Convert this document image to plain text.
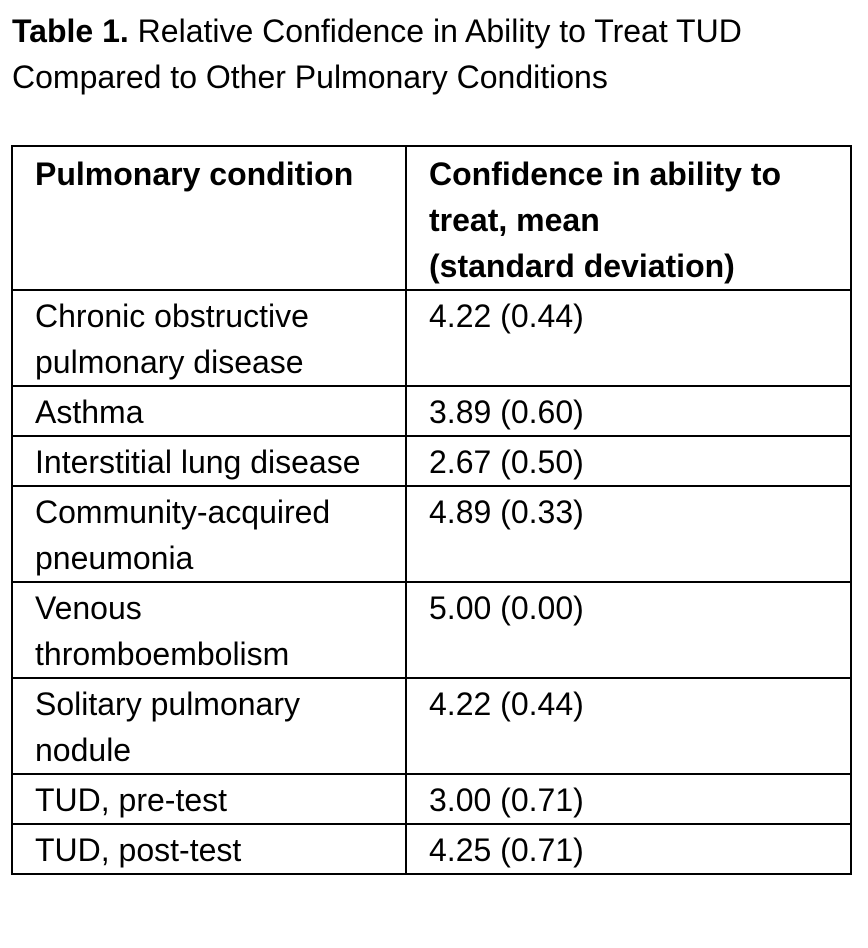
Table 1. Relative Confidence in Ability to Treat TUD Compared to Other Pulmonary Conditions
Pulmonary condition	Confidence in ability to treat, mean
(standard deviation)

Chronic obstructive pulmonary disease	4.22 (0.44)
Asthma	3.89 (0.60)
Interstitial lung disease	2.67 (0.50)
Community-acquired pneumonia	4.89 (0.33)
Venous thromboembolism	5.00 (0.00)
Solitary pulmonary nodule	4.22 (0.44)
TUD, pre-test	3.00 (0.71)
TUD, post-test	4.25 (0.71)
